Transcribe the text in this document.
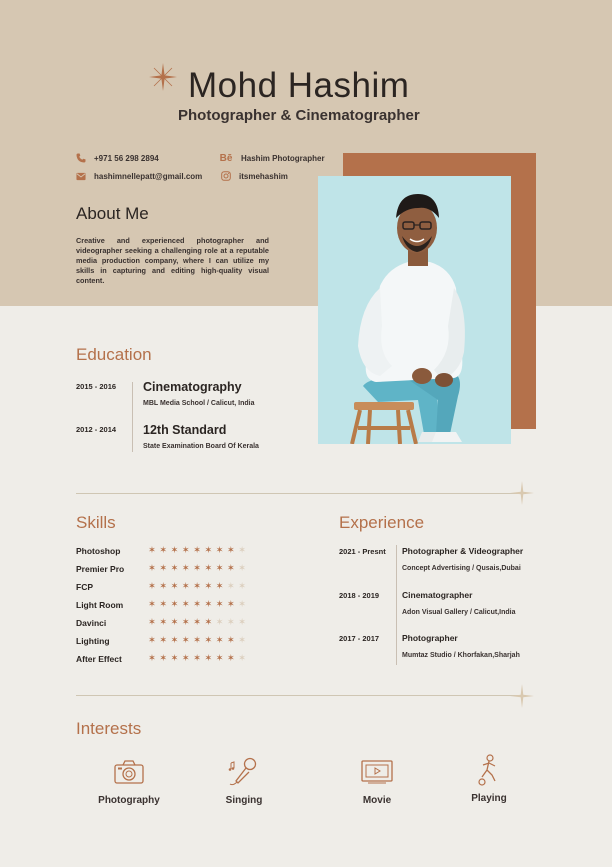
Mohd Hashim
Photographer & Cinematographer
+971 56 298 2894
hashimnellepatt@gmail.com
Bē Hashim Photographer
itsmehashim
About Me
Creative and experienced photographer and videographer seeking a challenging role at a reputable media production company, where I can utilize my skills in capturing and editing high-quality visual content.
Education
2015 - 2016 Cinematography
MBL Media School / Calicut, India
2012 - 2014 12th Standard
State Examination Board Of Kerala
Skills
Photoshop	✶ ✶ ✶ ✶ ✶ ✶ ✶ ✶ ✶
Premier Pro	✶ ✶ ✶ ✶ ✶ ✶ ✶ ✶ ✶
FCP	✶ ✶ ✶ ✶ ✶ ✶ ✶ ✶ ✶
Light Room	✶ ✶ ✶ ✶ ✶ ✶ ✶ ✶ ✶
Davinci	✶ ✶ ✶ ✶ ✶ ✶ ✶ ✶ ✶
Lighting	✶ ✶ ✶ ✶ ✶ ✶ ✶ ✶ ✶
After Effect	✶ ✶ ✶ ✶ ✶ ✶ ✶ ✶ ✶
Experience
2021 - Presnt Photographer & Videographer
Concept Advertising / Qusais,Dubai
2018 - 2019	Cinematographer
Adon Visual Gallery / Calicut,India
2017 - 2017	Photographer
Mumtaz Studio / Khorfakan,Sharjah
Interests
Photography	Singing	Movie	Playing
